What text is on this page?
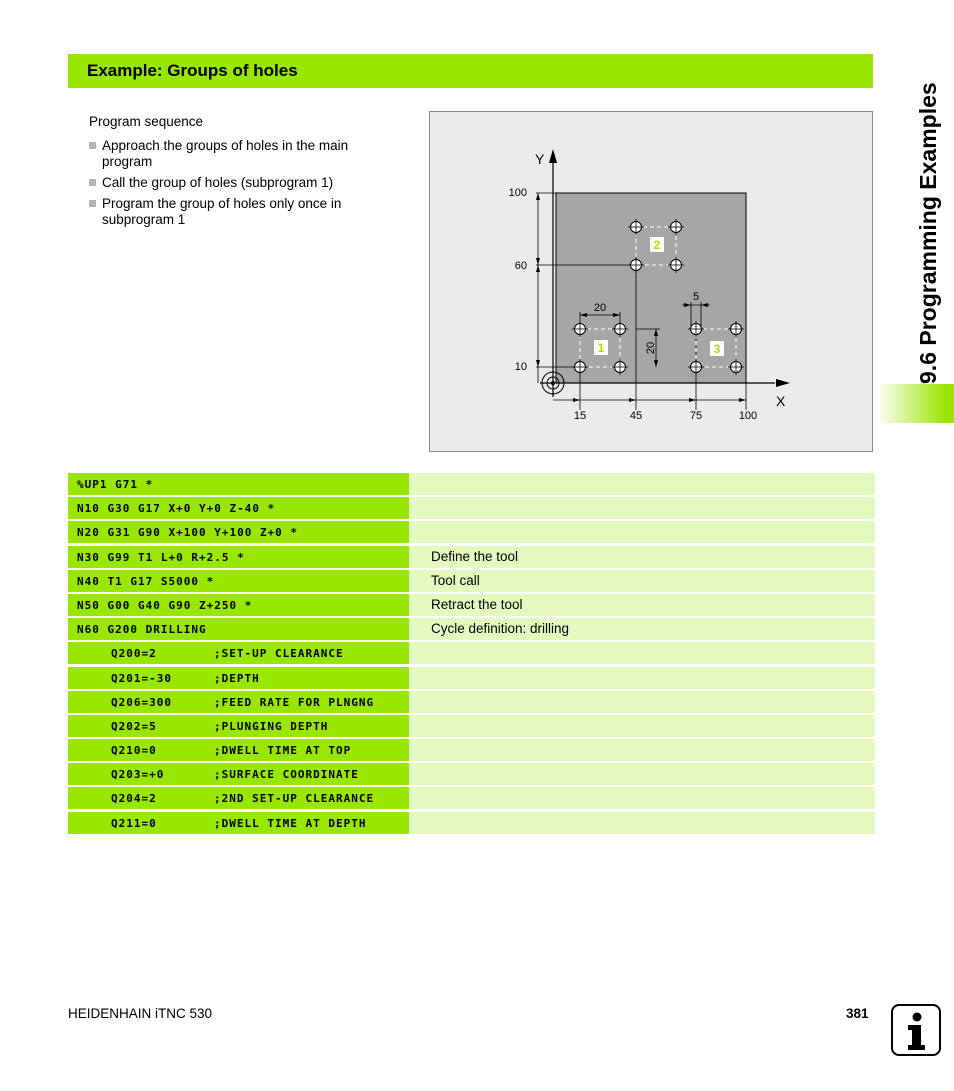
Example: Groups of holes
Program sequence
Approach the groups of holes in the main program
Call the group of holes (subprogram 1)
Program the group of holes only once in subprogram 1
Y
X
100
60
10
15	45	75	100
20
20
1
2
5
3	9.6 Programming Examples
%UP1 G71 *
N10 G30 G17 X+0 Y+0 Z-40 *
N20 G31 G90 X+100 Y+100 Z+0 *
N30 G99 T1 L+0 R+2.5 *	Define the tool
N40 T1 G17 S5000 *	Tool call
N50 G00 G40 G90 Z+250 *	Retract the tool
N60 G200 DRILLING	Cycle definition: drilling
Q200=2	;SET-UP CLEARANCE
Q201=-30	;DEPTH
Q206=300	;FEED RATE FOR PLNGNG
Q202=5	;PLUNGING DEPTH
Q210=0	;DWELL TIME AT TOP
Q203=+0	;SURFACE COORDINATE
Q204=2	;2ND SET-UP CLEARANCE
Q211=0	;DWELL TIME AT DEPTH
HEIDENHAIN iTNC 530	381
